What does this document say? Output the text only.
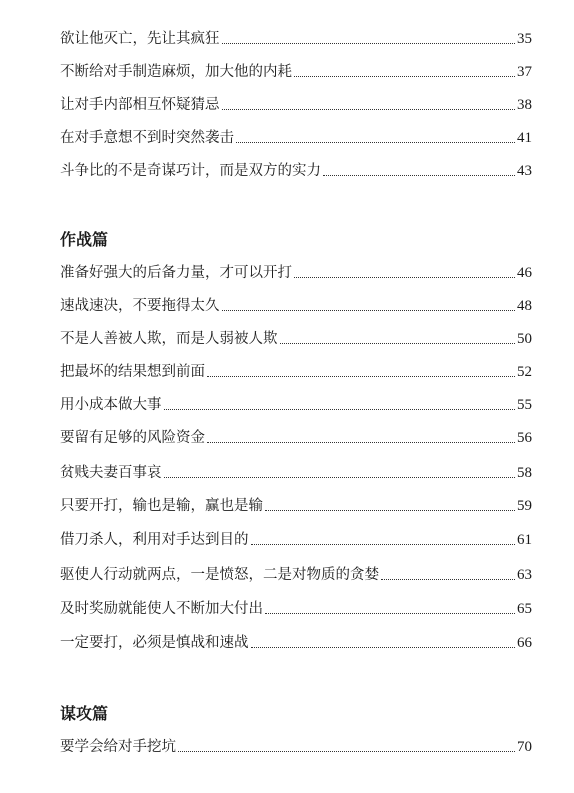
欲让他灭亡，先让其疯狂	35
不断给对手制造麻烦，加大他的内耗	37
让对手内部相互怀疑猜忌	38
在对手意想不到时突然袭击	41
斗争比的不是奇谋巧计，而是双方的实力	43
作战篇
准备好强大的后备力量，才可以开打	46
速战速决，不要拖得太久	48
不是人善被人欺，而是人弱被人欺	50
把最坏的结果想到前面	52
用小成本做大事	55
要留有足够的风险资金	56
贫贱夫妻百事哀	58
只要开打，输也是输，赢也是输	59
借刀杀人，利用对手达到目的	61
驱使人行动就两点，一是愤怒，二是对物质的贪婪	63
及时奖励就能使人不断加大付出	65
一定要打，必须是慎战和速战	66
谋攻篇
要学会给对手挖坑	70
